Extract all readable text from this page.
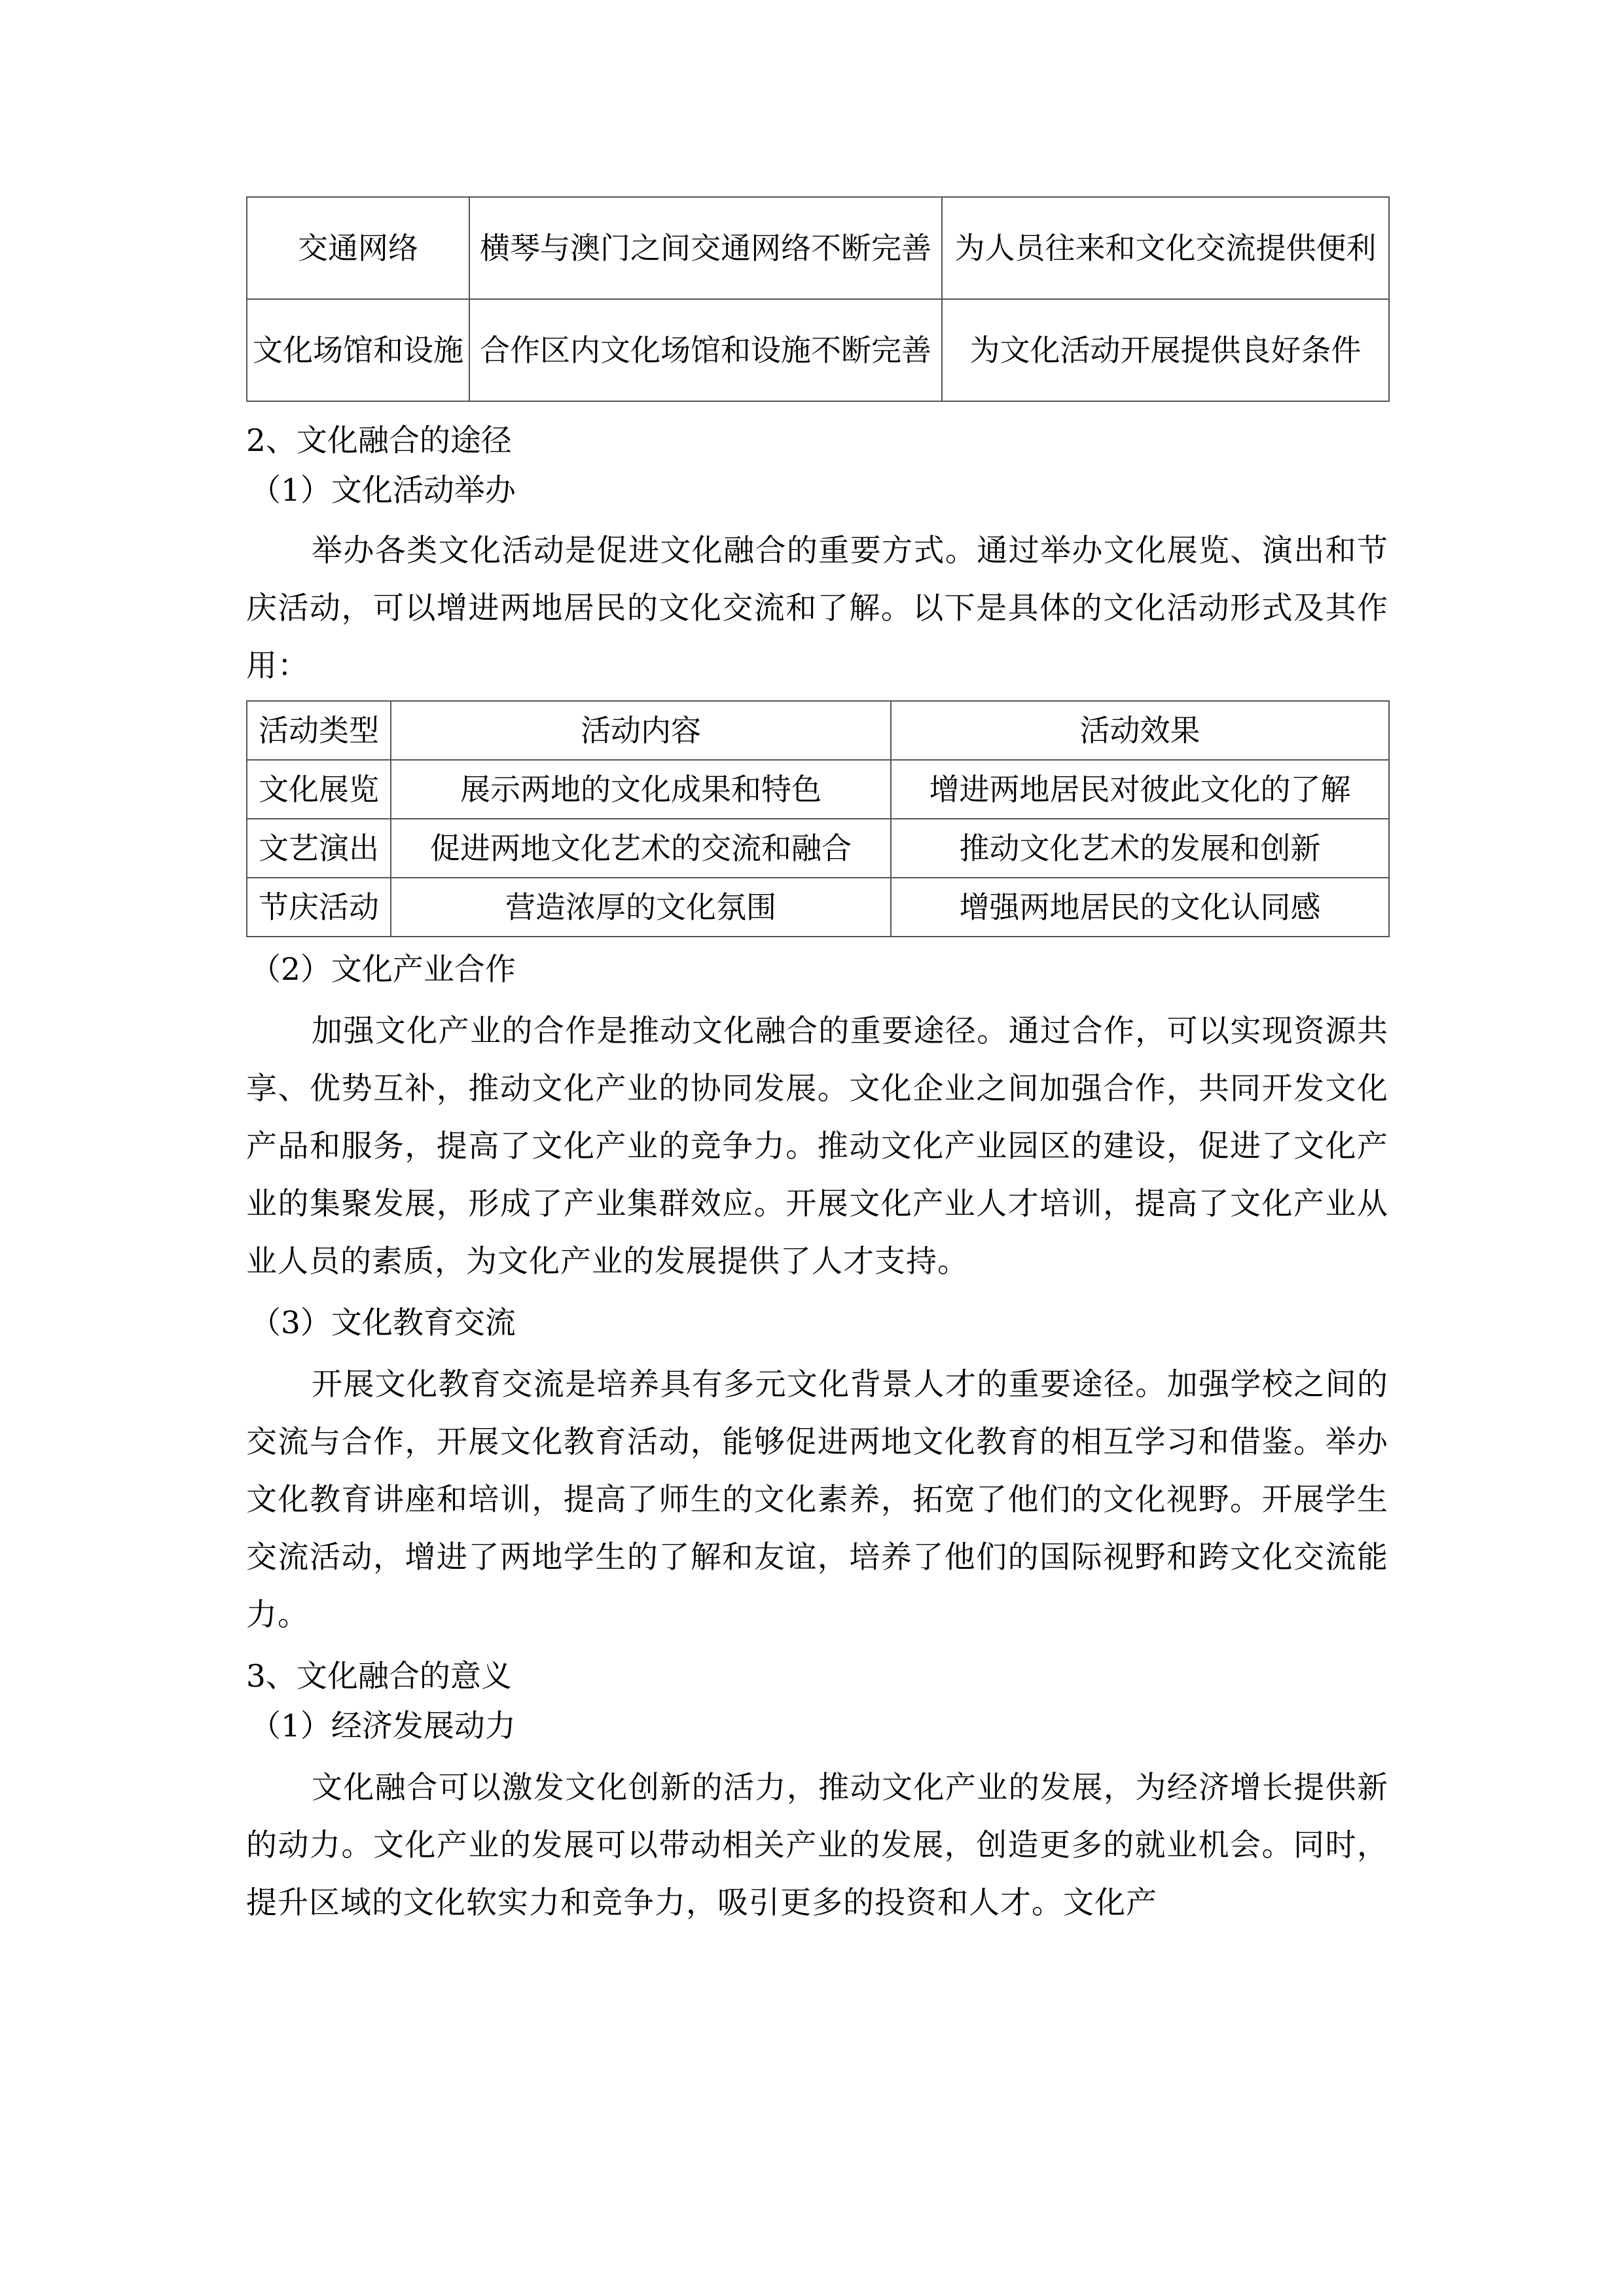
交通网络	横琴与澳门之间交通网络不断完善	为人员往来和文化交流提供便利
文化场馆和设施	合作区内文化场馆和设施不断完善	为文化活动开展提供良好条件

2、文化融合的途径

（1）文化活动举办

举办各类文化活动是促进文化融合的重要方式。通过举办文化展览、演出和节庆活动，可以增进两地居民的文化交流和了解。以下是具体的文化活动形式及其作用：

活动类型	活动内容	活动效果
文化展览	展示两地的文化成果和特色	增进两地居民对彼此文化的了解
文艺演出	促进两地文化艺术的交流和融合	推动文化艺术的发展和创新
节庆活动	营造浓厚的文化氛围	增强两地居民的文化认同感

（2）文化产业合作

加强文化产业的合作是推动文化融合的重要途径。通过合作，可以实现资源共享、优势互补，推动文化产业的协同发展。文化企业之间加强合作，共同开发文化产品和服务，提高了文化产业的竞争力。推动文化产业园区的建设，促进了文化产业的集聚发展，形成了产业集群效应。开展文化产业人才培训，提高了文化产业从业人员的素质，为文化产业的发展提供了人才支持。

（3）文化教育交流

开展文化教育交流是培养具有多元文化背景人才的重要途径。加强学校之间的交流与合作，开展文化教育活动，能够促进两地文化教育的相互学习和借鉴。举办文化教育讲座和培训，提高了师生的文化素养，拓宽了他们的文化视野。开展学生交流活动，增进了两地学生的了解和友谊，培养了他们的国际视野和跨文化交流能力。

3、文化融合的意义

（1）经济发展动力

文化融合可以激发文化创新的活力，推动文化产业的发展，为经济增长提供新的动力。文化产业的发展可以带动相关产业的发展，创造更多的就业机会。同时，提升区域的文化软实力和竞争力，吸引更多的投资和人才。文化产
